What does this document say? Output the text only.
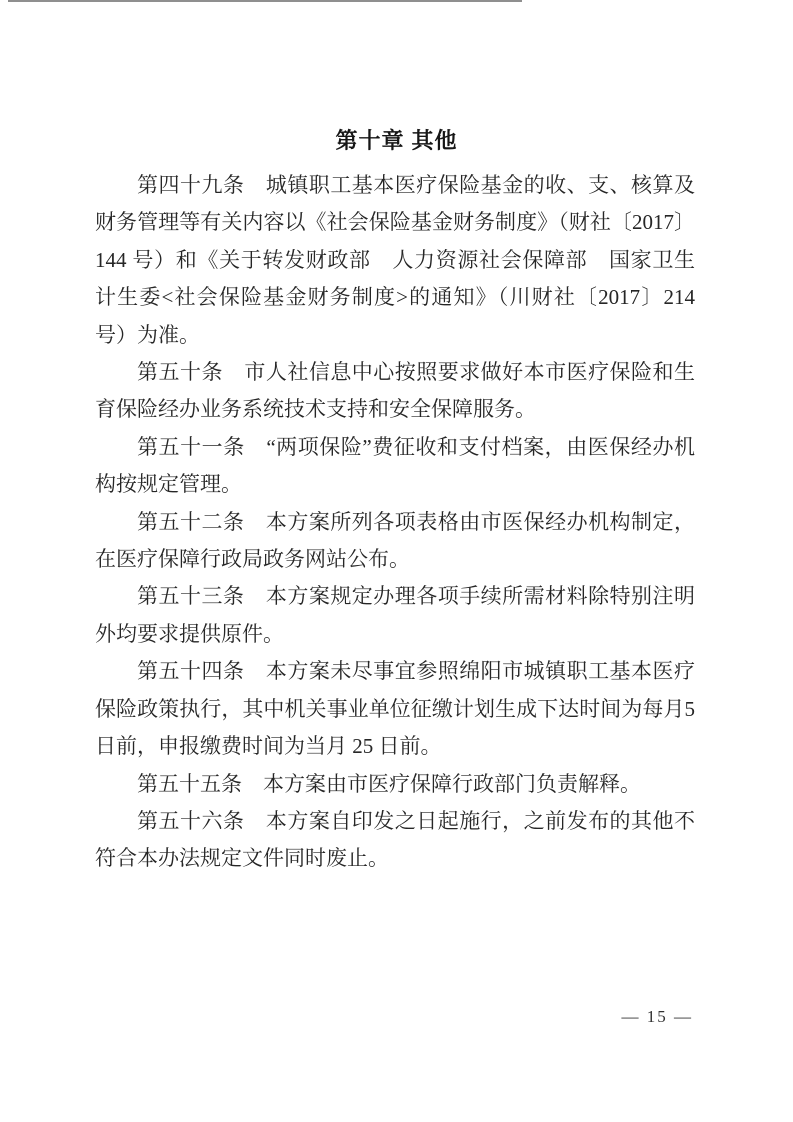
第十章 其他

第四十九条　城镇职工基本医疗保险基金的收、支、核算及财务管理等有关内容以《社会保险基金财务制度》（财社〔2017〕144 号）和《关于转发财政部　人力资源社会保障部　国家卫生计生委<社会保险基金财务制度>的通知》（川财社〔2017〕214 号）为准。

第五十条　市人社信息中心按照要求做好本市医疗保险和生育保险经办业务系统技术支持和安全保障服务。

第五十一条　“两项保险”费征收和支付档案，由医保经办机构按规定管理。

第五十二条　本方案所列各项表格由市医保经办机构制定，在医疗保障行政局政务网站公布。

第五十三条　本方案规定办理各项手续所需材料除特别注明外均要求提供原件。

第五十四条　本方案未尽事宜参照绵阳市城镇职工基本医疗保险政策执行，其中机关事业单位征缴计划生成下达时间为每月5 日前，申报缴费时间为当月 25 日前。

第五十五条　本方案由市医疗保障行政部门负责解释。

第五十六条　本方案自印发之日起施行，之前发布的其他不符合本办法规定文件同时废止。

— 15 —
